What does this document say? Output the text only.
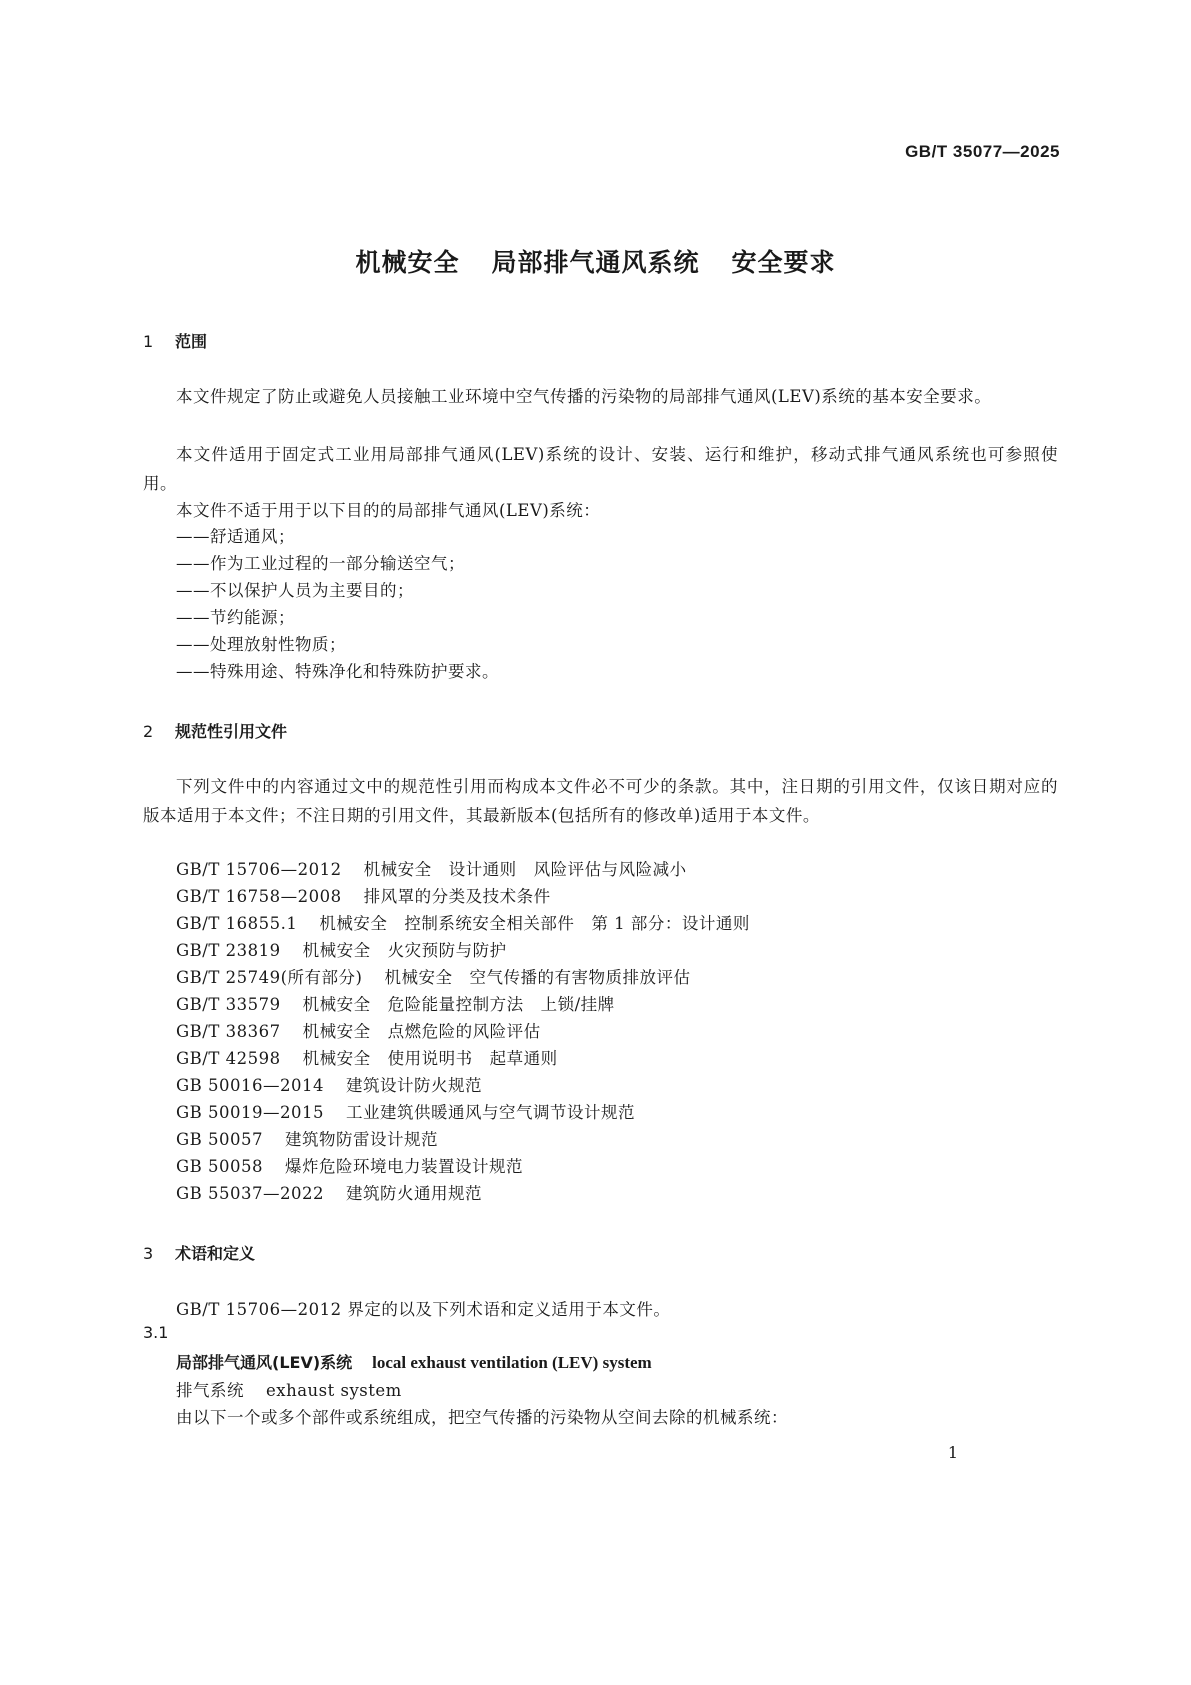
GB/T 35077—2025
机械安全 局部排气通风系统 安全要求
1 范围
本文件规定了防止或避免人员接触工业环境中空气传播的污染物的局部排气通风(LEV)系统的基本安全要求。
本文件适用于固定式工业用局部排气通风(LEV)系统的设计、安装、运行和维护，移动式排气通风系统也可参照使用。
本文件不适于用于以下目的的局部排气通风(LEV)系统：
——舒适通风；
——作为工业过程的一部分输送空气；
——不以保护人员为主要目的；
——节约能源；
——处理放射性物质；
——特殊用途、特殊净化和特殊防护要求。
2 规范性引用文件
下列文件中的内容通过文中的规范性引用而构成本文件必不可少的条款。其中，注日期的引用文件，仅该日期对应的版本适用于本文件；不注日期的引用文件，其最新版本(包括所有的修改单)适用于本文件。
GB/T 15706—2012 机械安全　设计通则　风险评估与风险减小
GB/T 16758—2008 排风罩的分类及技术条件
GB/T 16855.1 机械安全　控制系统安全相关部件　第 1 部分：设计通则
GB/T 23819 机械安全　火灾预防与防护
GB/T 25749(所有部分) 机械安全　空气传播的有害物质排放评估
GB/T 33579 机械安全　危险能量控制方法　上锁/挂牌
GB/T 38367 机械安全　点燃危险的风险评估
GB/T 42598 机械安全　使用说明书　起草通则
GB 50016—2014 建筑设计防火规范
GB 50019—2015 工业建筑供暖通风与空气调节设计规范
GB 50057 建筑物防雷设计规范
GB 50058 爆炸危险环境电力装置设计规范
GB 55037—2022 建筑防火通用规范
3 术语和定义
GB/T 15706—2012 界定的以及下列术语和定义适用于本文件。
3.1
局部排气通风(LEV)系统 local exhaust ventilation (LEV) system
排气系统 exhaust system
由以下一个或多个部件或系统组成，把空气传播的污染物从空间去除的机械系统：
1
